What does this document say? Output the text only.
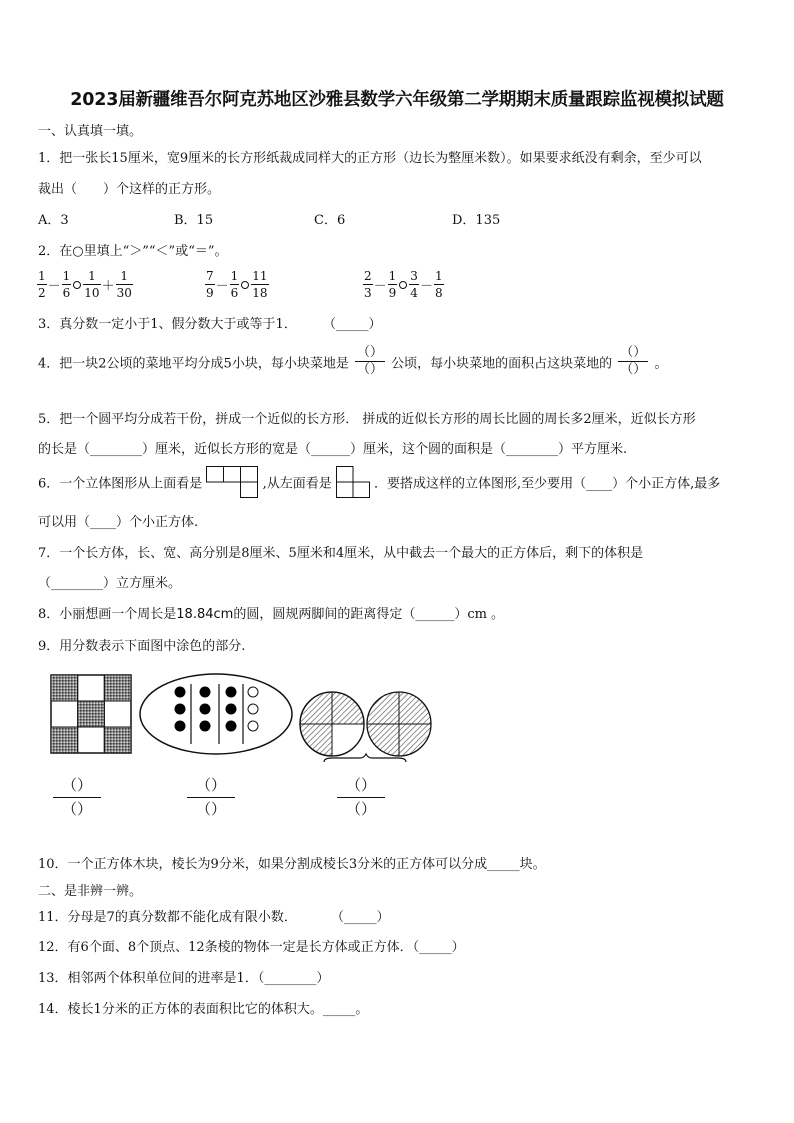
2023届新疆维吾尔阿克苏地区沙雅县数学六年级第二学期期末质量跟踪监视模拟试题
一、认真填一填。
1．把一张长15厘米，宽9厘米的长方形纸裁成同样大的正方形（边长为整厘米数）。如果要求纸没有剩余，至少可以
裁出（　　）个这样的正方形。
A．3	B．15	C．6	D．135
2．在○里填上“＞”“＜”或“＝”。
$\frac{1}{2} - \frac{1}{6} \frac{1}{10} + \frac{1}{30}$	$\frac{7}{9} - \frac{1}{6} \frac{11}{18}$	$\frac{2}{3} - \frac{1}{9} \frac{3}{4} - \frac{1}{8}$
3．真分数一定小于1、假分数大于或等于1． （_____）
4．把一块2公顷的菜地平均分成5小块，每小块菜地是
（）
（） 公顷，每小块菜地的面积占这块菜地的
（）
（） 。
5．把一个圆平均分成若干份，拼成一个近似的长方形． 拼成的近似长方形的周长比圆的周长多2厘米，近似长方形
的长是（________）厘米，近似长方形的宽是（______）厘米，这个圆的面积是（________）平方厘米.
6．一个立体图形从上面看是	,从左面看是	．要搭成这样的立体图形,至少要用（____）个小正方体,最多
可以用（____）个小正方体.
7．一个长方体，长、宽、高分别是8厘米、5厘米和4厘米，从中截去一个最大的正方体后，剩下的体积是
（________）立方厘米。
8．小丽想画一个周长是18.84cm的圆，圆规两脚间的距离得定（______）cm 。
9．用分数表示下面图中涂色的部分.
（）
（）
（）
（）
（）
（）
10．一个正方体木块，棱长为9分米，如果分割成棱长3分米的正方体可以分成_____块。
二、是非辨一辨。
11．分母是7的真分数都不能化成有限小数．	（_____）
12．有6个面、8个顶点、12条棱的物体一定是长方体或正方体．（_____）
13．相邻两个体积单位间的进率是1．（________）
14．棱长1分米的正方体的表面积比它的体积大。_____。
